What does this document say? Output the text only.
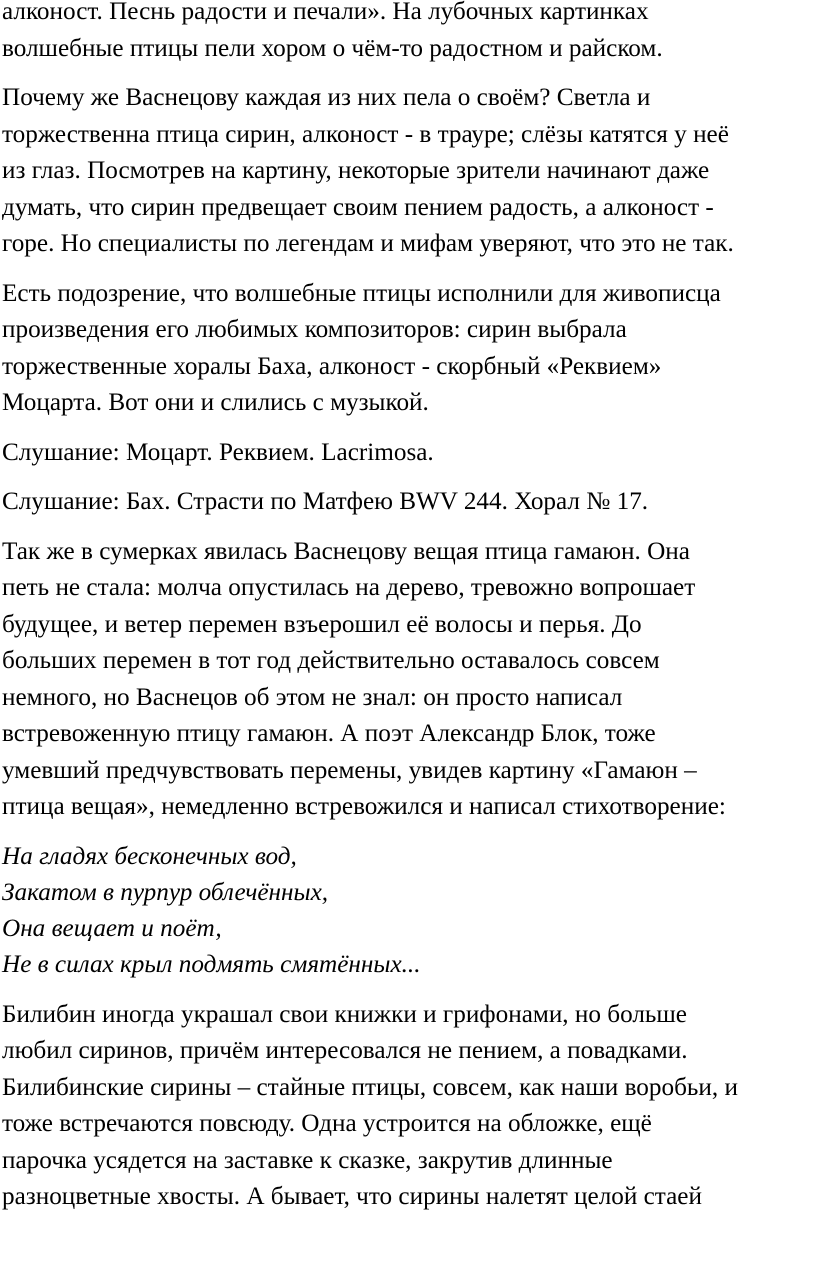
алконост. Песнь радости и печали». На лубочных картинках
волшебные птицы пели хором о чём-то радостном и райском.

Почему же Васнецову каждая из них пела о своём? Светла и
торжественна птица сирин, алконост - в трауре; слёзы катятся у неё
из глаз. Посмотрев на картину, некоторые зрители начинают даже
думать, что сирин предвещает своим пением радость, а алконост -
горе. Но специалисты по легендам и мифам уверяют, что это не так.

Есть подозрение, что волшебные птицы исполнили для живописца
произведения его любимых композиторов: сирин выбрала
торжественные хоралы Баха, алконост - скорбный «Реквием»
Моцарта. Вот они и слились с музыкой.

Слушание: Моцарт. Реквием. Lacrimosa.

Слушание: Бах. Страсти по Матфею BWV 244. Хорал № 17.

Так же в сумерках явилась Васнецову вещая птица гамаюн. Она
петь не стала: молча опустилась на дерево, тревожно вопрошает
будущее, и ветер перемен взъерошил её волосы и перья. До
больших перемен в тот год действительно оставалось совсем
немного, но Васнецов об этом не знал: он просто написал
встревоженную птицу гамаюн. А поэт Александр Блок, тоже
умевший предчувствовать перемены, увидев картину «Гамаюн –
птица вещая», немедленно встревожился и написал стихотворение:

На гладях бесконечных вод,
Закатом в пурпур облечённых,
Она вещает и поёт,
Не в силах крыл подмять смятённых...

Билибин иногда украшал свои книжки и грифонами, но больше
любил сиринов, причём интересовался не пением, а повадками.
Билибинские сирины – стайные птицы, совсем, как наши воробьи, и
тоже встречаются повсюду. Одна устроится на обложке, ещё
парочка усядется на заставке к сказке, закрутив длинные
разноцветные хвосты. А бывает, что сирины налетят целой стаей
